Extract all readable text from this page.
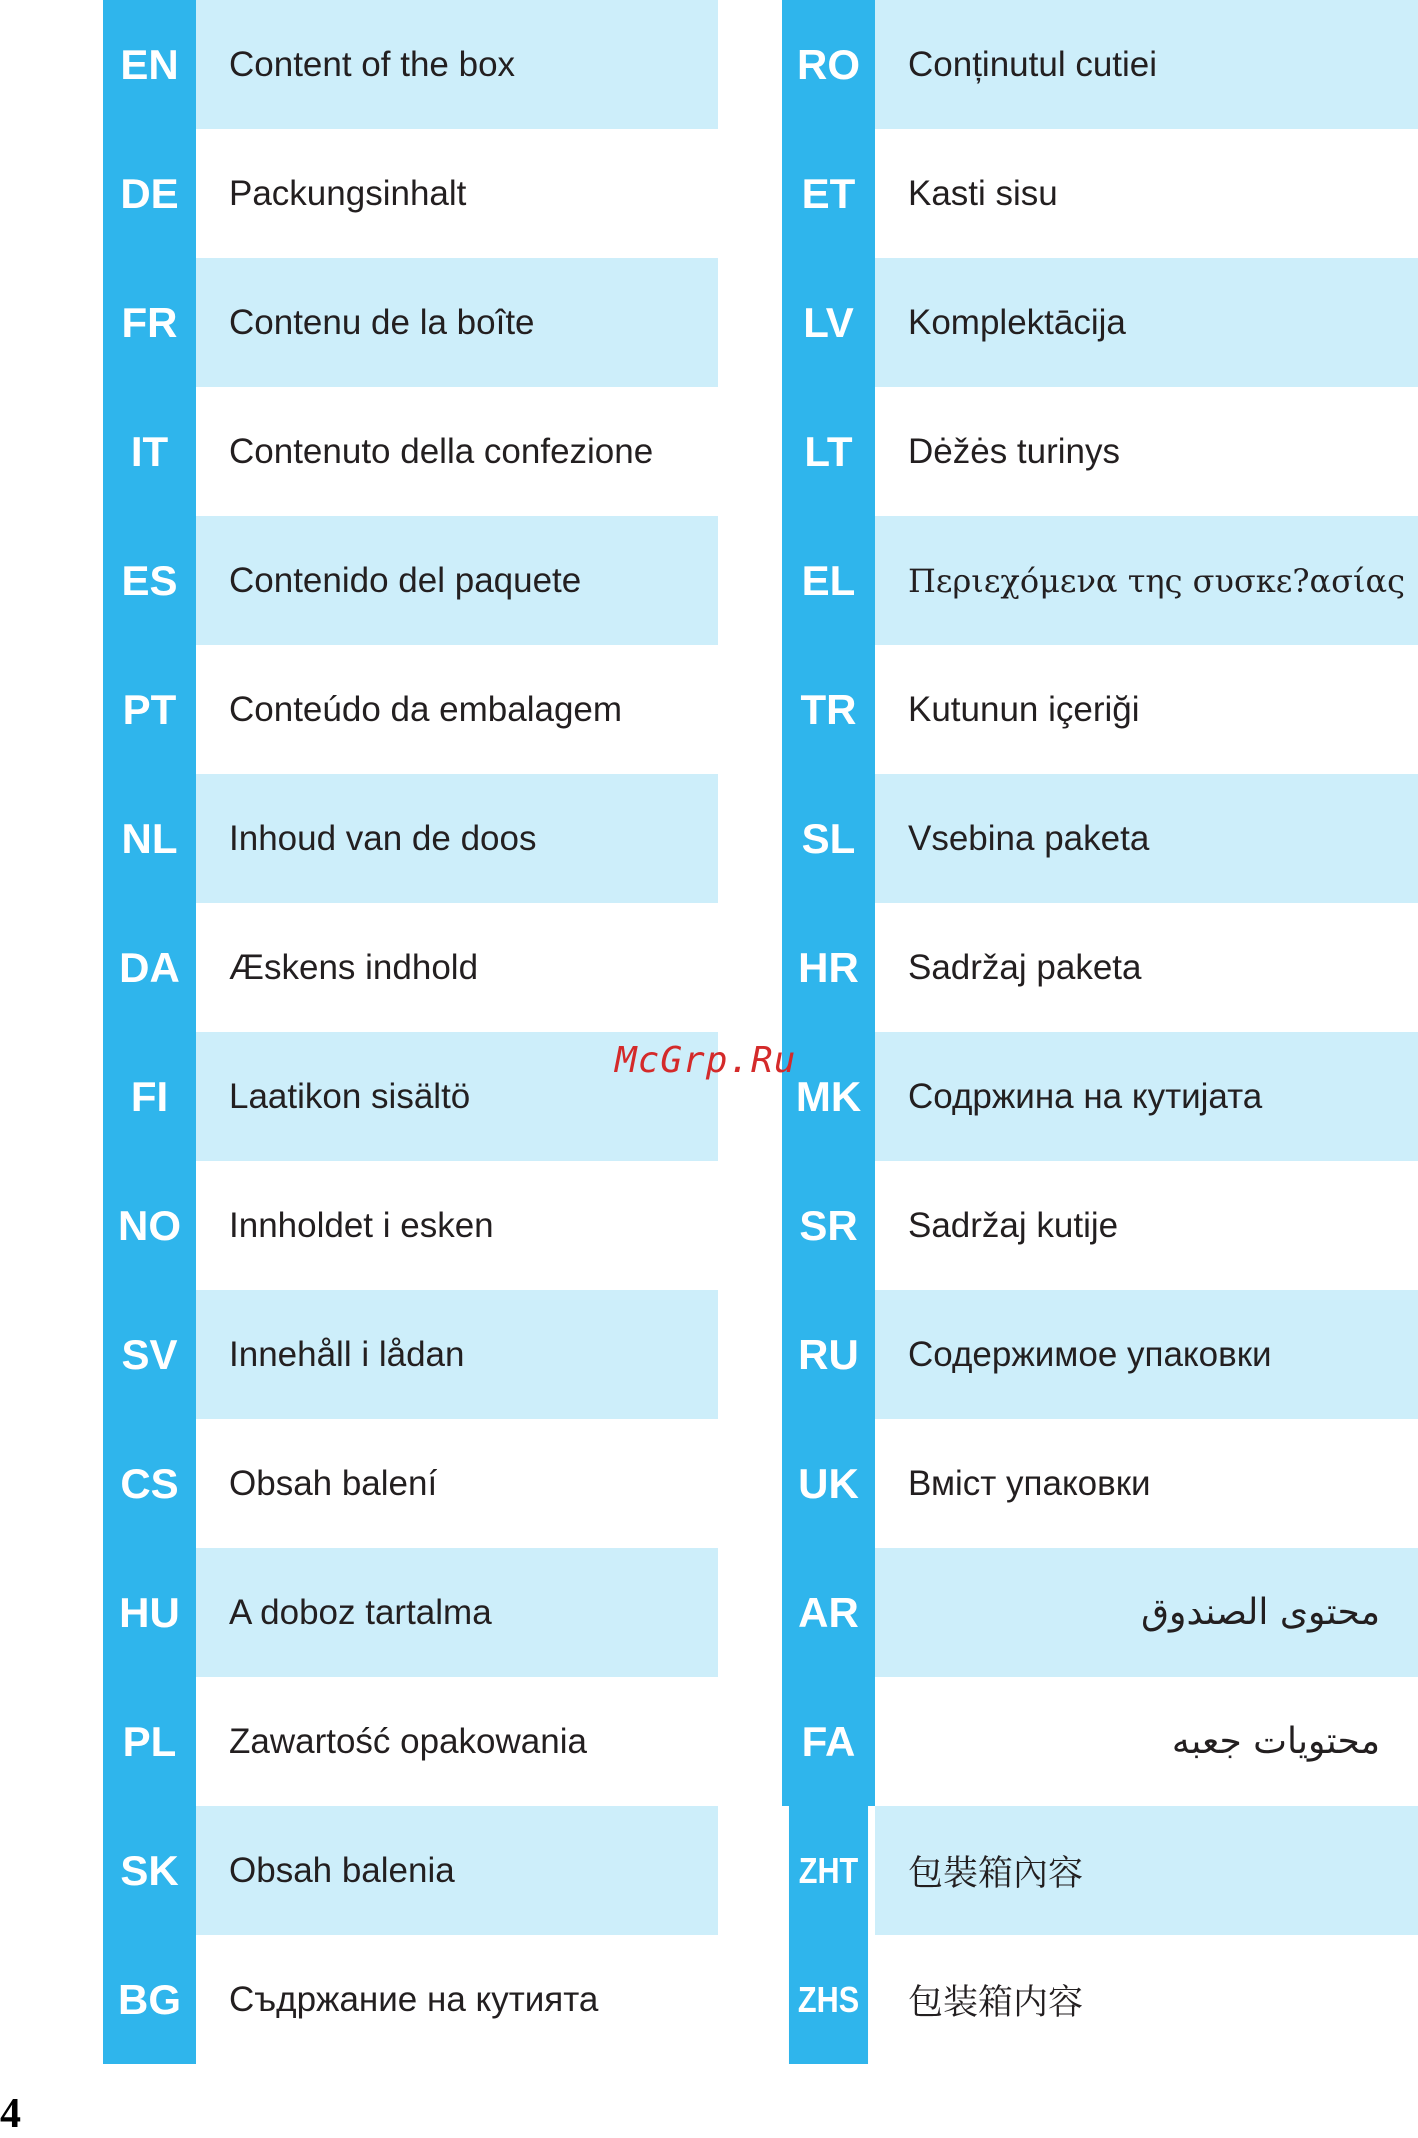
EN	Content of the box
DE	Packungsinhalt
FR	Contenu de la boîte
IT	Contenuto della confezione
ES	Contenido del paquete
PT	Conteúdo da embalagem
NL	Inhoud van de doos
DA	Æskens indhold
FI	Laatikon sisältö
NO	Innholdet i esken
SV	Innehåll i lådan
CS	Obsah balení
HU	A doboz tartalma
PL	Zawartość opakowania
SK	Obsah balenia
BG	Съдржание на кутията
RO	Conținutul cutiei
ET	Kasti sisu
LV	Komplektācija
LT	Dėžės turinys
EL	Περιεχόμενα της συσκε?ασίας
TR	Kutunun içeriği
SL	Vsebina paketa
HR	Sadržaj paketa
MK	Содржина на кутијата
SR	Sadržaj kutije
RU	Содержимое упаковки
UK	Вміст упаковки
AR	محتوى الصندوق
FA	محتویات جعبه
ZHT	包裝箱內容
ZHS	包装箱内容
McGrp.Ru
4
